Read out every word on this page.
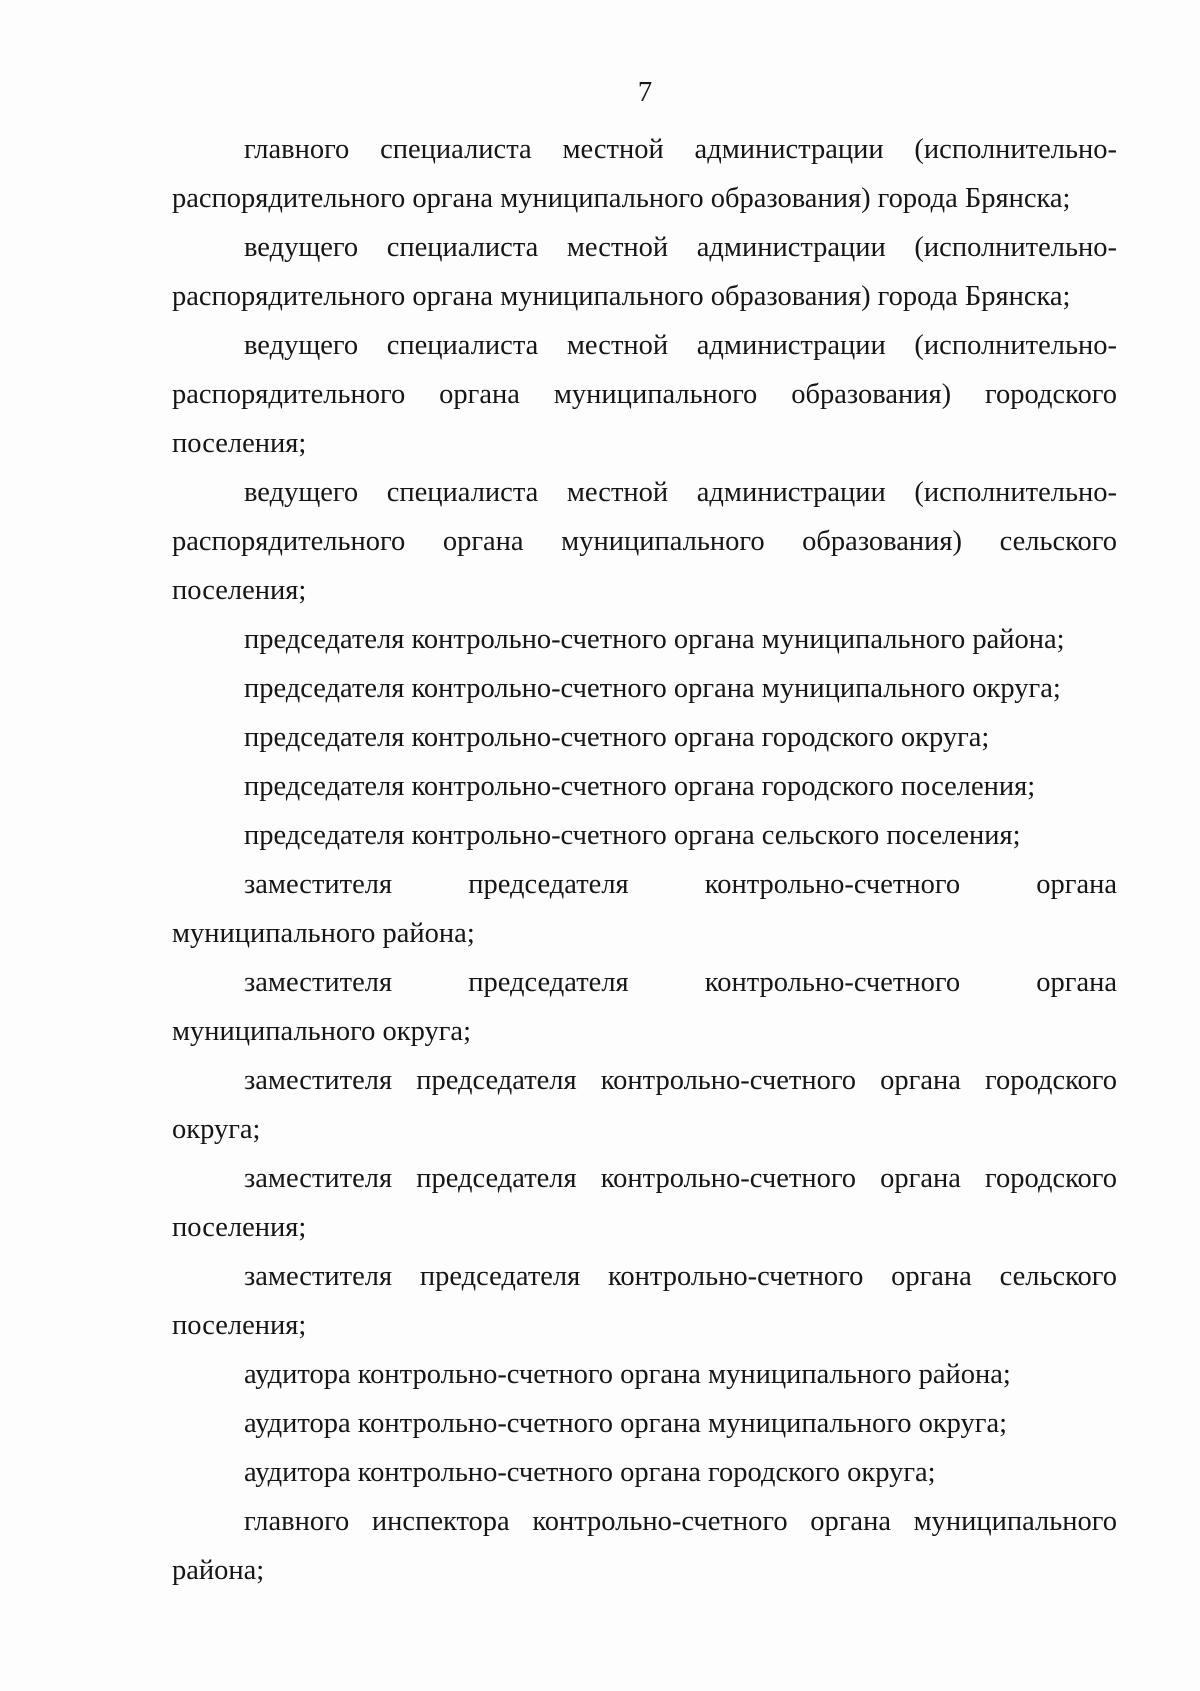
7

главного специалиста местной администрации (исполнительно-распорядительного органа муниципального образования) города Брянска;

ведущего специалиста местной администрации (исполнительно-распорядительного органа муниципального образования) города Брянска;

ведущего специалиста местной администрации (исполнительно-распорядительного органа муниципального образования) городского поселения;

ведущего специалиста местной администрации (исполнительно-распорядительного органа муниципального образования) сельского поселения;

председателя контрольно-счетного органа муниципального района;

председателя контрольно-счетного органа муниципального округа;

председателя контрольно-счетного органа городского округа;

председателя контрольно-счетного органа городского поселения;

председателя контрольно-счетного органа сельского поселения;

заместителя председателя контрольно-счетного органа муниципального района;

заместителя председателя контрольно-счетного органа муниципального округа;

заместителя председателя контрольно-счетного органа городского округа;

заместителя председателя контрольно-счетного органа городского поселения;

заместителя председателя контрольно-счетного органа сельского поселения;

аудитора контрольно-счетного органа муниципального района;

аудитора контрольно-счетного органа муниципального округа;

аудитора контрольно-счетного органа городского округа;

главного инспектора контрольно-счетного органа муниципального района;
